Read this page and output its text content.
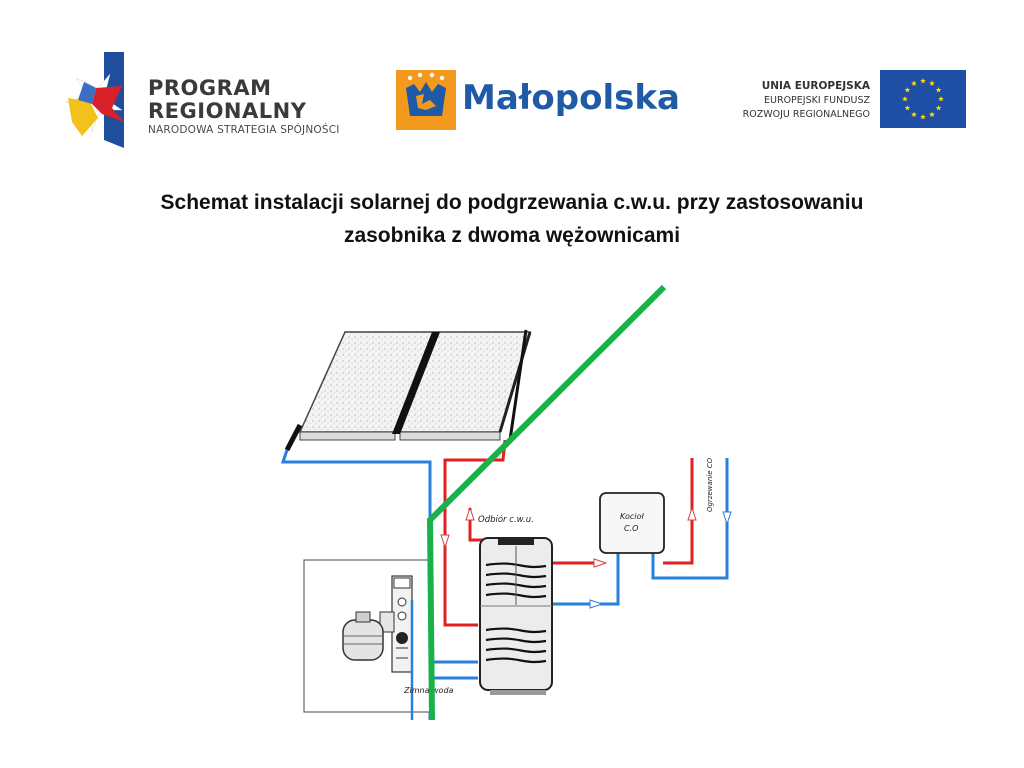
PROGRAM
REGIONALNY
NARODOWA STRATEGIA SPÓJNOŚCI
Małopolska	UNIA EUROPEJSKA
EUROPEJSKI FUNDUSZ
ROZWOJU REGIONALNEGO
Schemat instalacji solarnej do podgrzewania c.w.u. przy zastosowaniu
zasobnika z dwoma wężownicami
Kocioł
C.O
Odbiór c.w.u.
Ogrzewanie CO
Zimna woda
